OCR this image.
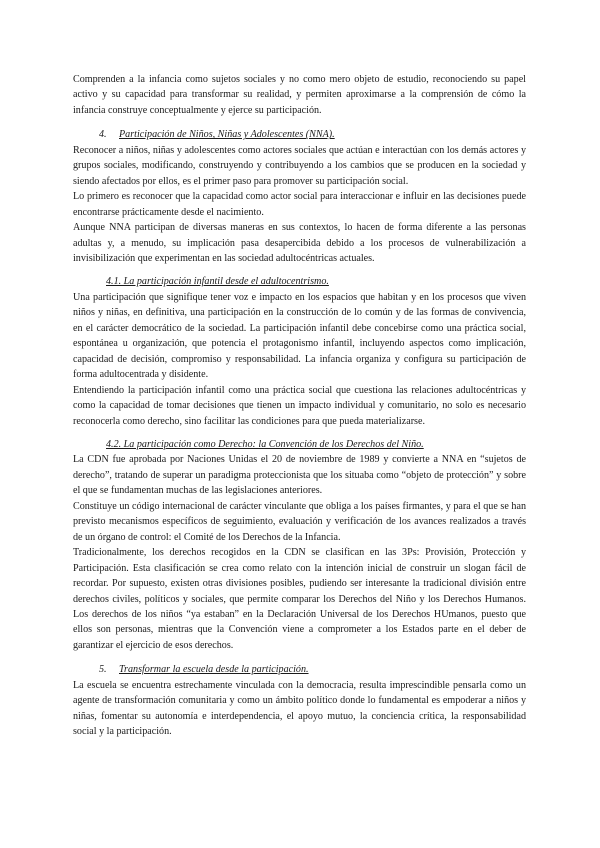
Comprenden a la infancia como sujetos sociales y no como mero objeto de estudio, reconociendo su papel activo y su capacidad para transformar su realidad, y permiten aproximarse a la comprensión de cómo la infancia construye conceptualmente y ejerce su participación.

4. Participación de Niños, Niñas y Adolescentes (NNA).

Reconocer a niños, niñas y adolescentes como actores sociales que actúan e interactúan con los demás actores y grupos sociales, modificando, construyendo y contribuyendo a los cambios que se producen en la sociedad y siendo afectados por ellos, es el primer paso para promover su participación social.

Lo primero es reconocer que la capacidad como actor social para interaccionar e influir en las decisiones puede encontrarse prácticamente desde el nacimiento.

Aunque NNA participan de diversas maneras en sus contextos, lo hacen de forma diferente a las personas adultas y, a menudo, su implicación pasa desapercibida debido a los procesos de vulnerabilización a invisibilización que experimentan en las sociedad adultocéntricas actuales.

4.1. La participación infantil desde el adultocentrismo.

Una participación que signifique tener voz e impacto en los espacios que habitan y en los procesos que viven niños y niñas, en definitiva, una participación en la construcción de lo común y de las formas de convivencia, en el carácter democrático de la sociedad. La participación infantil debe concebirse como una práctica social, espontánea u organización, que potencia el protagonismo infantil, incluyendo aspectos como implicación, capacidad de decisión, compromiso y responsabilidad. La infancia organiza y configura su participación de forma adultocentrada y disidente.

Entendiendo la participación infantil como una práctica social que cuestiona las relaciones adultocéntricas y como la capacidad de tomar decisiones que tienen un impacto individual y comunitario, no solo es necesario reconocerla como derecho, sino facilitar las condiciones para que pueda materializarse.

4.2. La participación como Derecho: la Convención de los Derechos del Niño.

La CDN fue aprobada por Naciones Unidas el 20 de noviembre de 1989 y convierte a NNA en “sujetos de derecho”, tratando de superar un paradigma proteccionista que los situaba como “objeto de protección” y sobre el que se fundamentan muchas de las legislaciones anteriores.

Constituye un código internacional de carácter vinculante que obliga a los países firmantes, y para el que se han previsto mecanismos específicos de seguimiento, evaluación y verificación de los avances realizados a través de un órgano de control: el Comité de los Derechos de la Infancia.

Tradicionalmente, los derechos recogidos en la CDN se clasifican en las 3Ps: Provisión, Protección y Participación. Esta clasificación se crea como relato con la intención inicial de construir un slogan fácil de recordar. Por supuesto, existen otras divisiones posibles, pudiendo ser interesante la tradicional división entre derechos civiles, políticos y sociales, que permite comparar los Derechos del Niño y los Derechos Humanos. Los derechos de los niños “ya estaban” en la Declaración Universal de los Derechos HUmanos, puesto que ellos son personas, mientras que la Convención viene a comprometer a los Estados parte en el deber de garantizar el ejercicio de esos derechos.

5. Transformar la escuela desde la participación.

La escuela se encuentra estrechamente vinculada con la democracia, resulta imprescindible pensarla como un agente de transformación comunitaria y como un ámbito político donde lo fundamental es empoderar a niños y niñas, fomentar su autonomía e interdependencia, el apoyo mutuo, la conciencia crítica, la responsabilidad social y la participación.
